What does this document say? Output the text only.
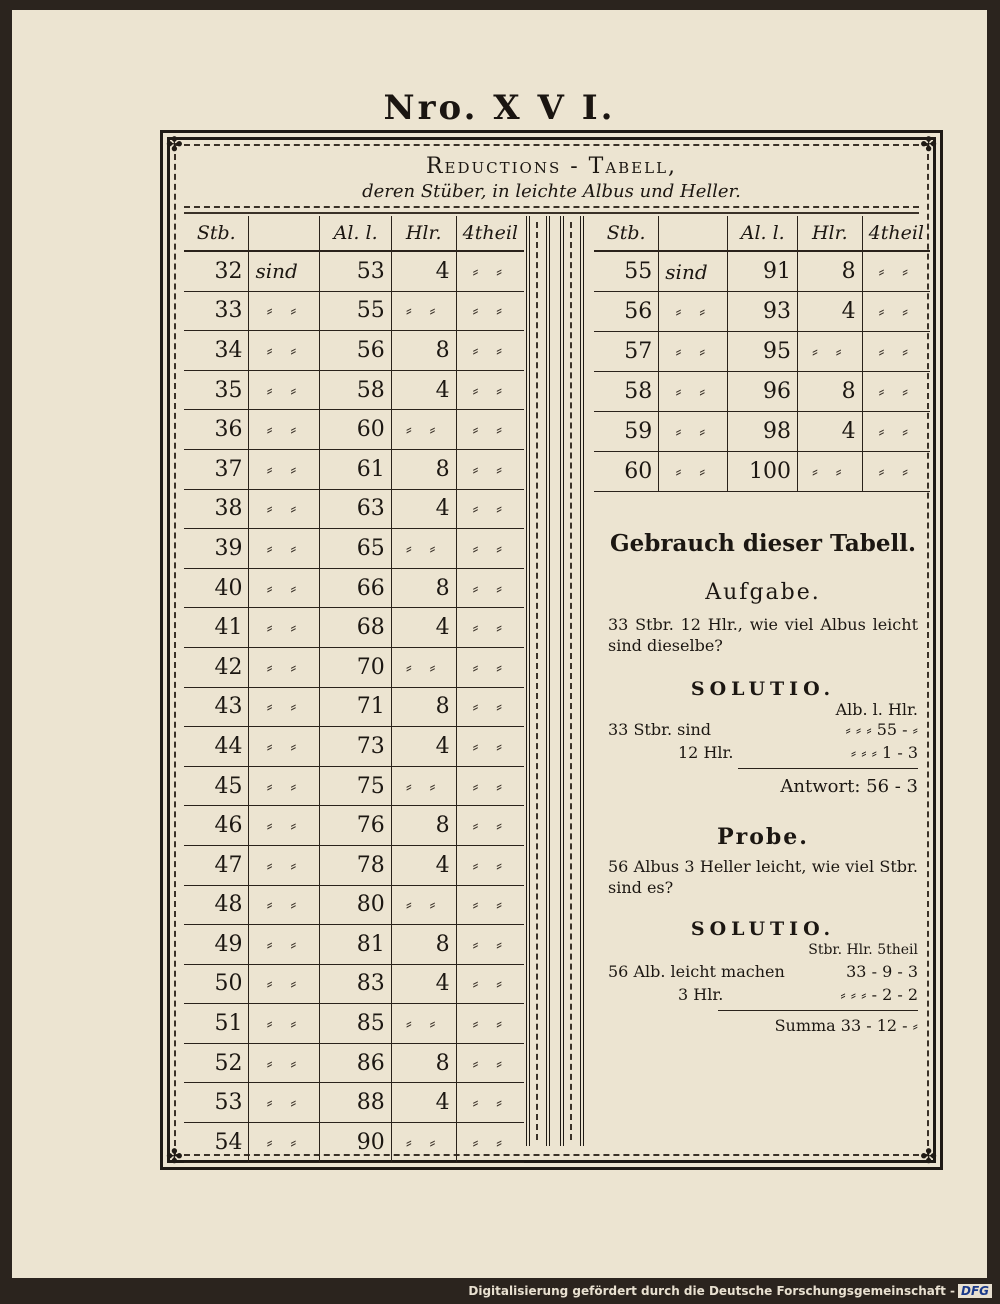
Nro. X V I.
✤	✤
✤	✤
Reductions - Tabell,
deren Stüber, in leichte Albus und Heller.
Stb.		Al. l.	Hlr.	4theil
32	sind	53	4	⸗ ⸗
33	⸗ ⸗	55	⸗ ⸗	⸗ ⸗
34	⸗ ⸗	56	8	⸗ ⸗
35	⸗ ⸗	58	4	⸗ ⸗
36	⸗ ⸗	60	⸗ ⸗	⸗ ⸗
37	⸗ ⸗	61	8	⸗ ⸗
38	⸗ ⸗	63	4	⸗ ⸗
39	⸗ ⸗	65	⸗ ⸗	⸗ ⸗
40	⸗ ⸗	66	8	⸗ ⸗
41	⸗ ⸗	68	4	⸗ ⸗
42	⸗ ⸗	70	⸗ ⸗	⸗ ⸗
43	⸗ ⸗	71	8	⸗ ⸗
44	⸗ ⸗	73	4	⸗ ⸗
45	⸗ ⸗	75	⸗ ⸗	⸗ ⸗
46	⸗ ⸗	76	8	⸗ ⸗
47	⸗ ⸗	78	4	⸗ ⸗
48	⸗ ⸗	80	⸗ ⸗	⸗ ⸗
49	⸗ ⸗	81	8	⸗ ⸗
50	⸗ ⸗	83	4	⸗ ⸗
51	⸗ ⸗	85	⸗ ⸗	⸗ ⸗
52	⸗ ⸗	86	8	⸗ ⸗
53	⸗ ⸗	88	4	⸗ ⸗
54	⸗ ⸗	90	⸗ ⸗	⸗ ⸗
Stb.		Al. l.	Hlr.	4theil
55	sind	91	8	⸗ ⸗
56	⸗ ⸗	93	4	⸗ ⸗
57	⸗ ⸗	95	⸗ ⸗	⸗ ⸗
58	⸗ ⸗	96	8	⸗ ⸗
59	⸗ ⸗	98	4	⸗ ⸗
60	⸗ ⸗	100	⸗ ⸗	⸗ ⸗
Gebrauch dieser Tabell.
Aufgabe.
33 Stbr. 12 Hlr., wie viel Albus leicht sind dieselbe?
SOLUTIO.
Alb. l. Hlr.
33 Stbr. sind	⸗ ⸗ ⸗ 55 - ⸗
12 Hlr.	⸗ ⸗ ⸗ 1 - 3
Antwort: 56 - 3
Probe.
56 Albus 3 Heller leicht, wie viel Stbr. sind es?
SOLUTIO.
Stbr. Hlr. 5theil
56 Alb. leicht machen	33 - 9 - 3
3 Hlr.	⸗ ⸗ ⸗ - 2 - 2
Summa 33 - 12 - ⸗
Digitalisierung gefördert durch die Deutsche Forschungsgemeinschaft - DFG
